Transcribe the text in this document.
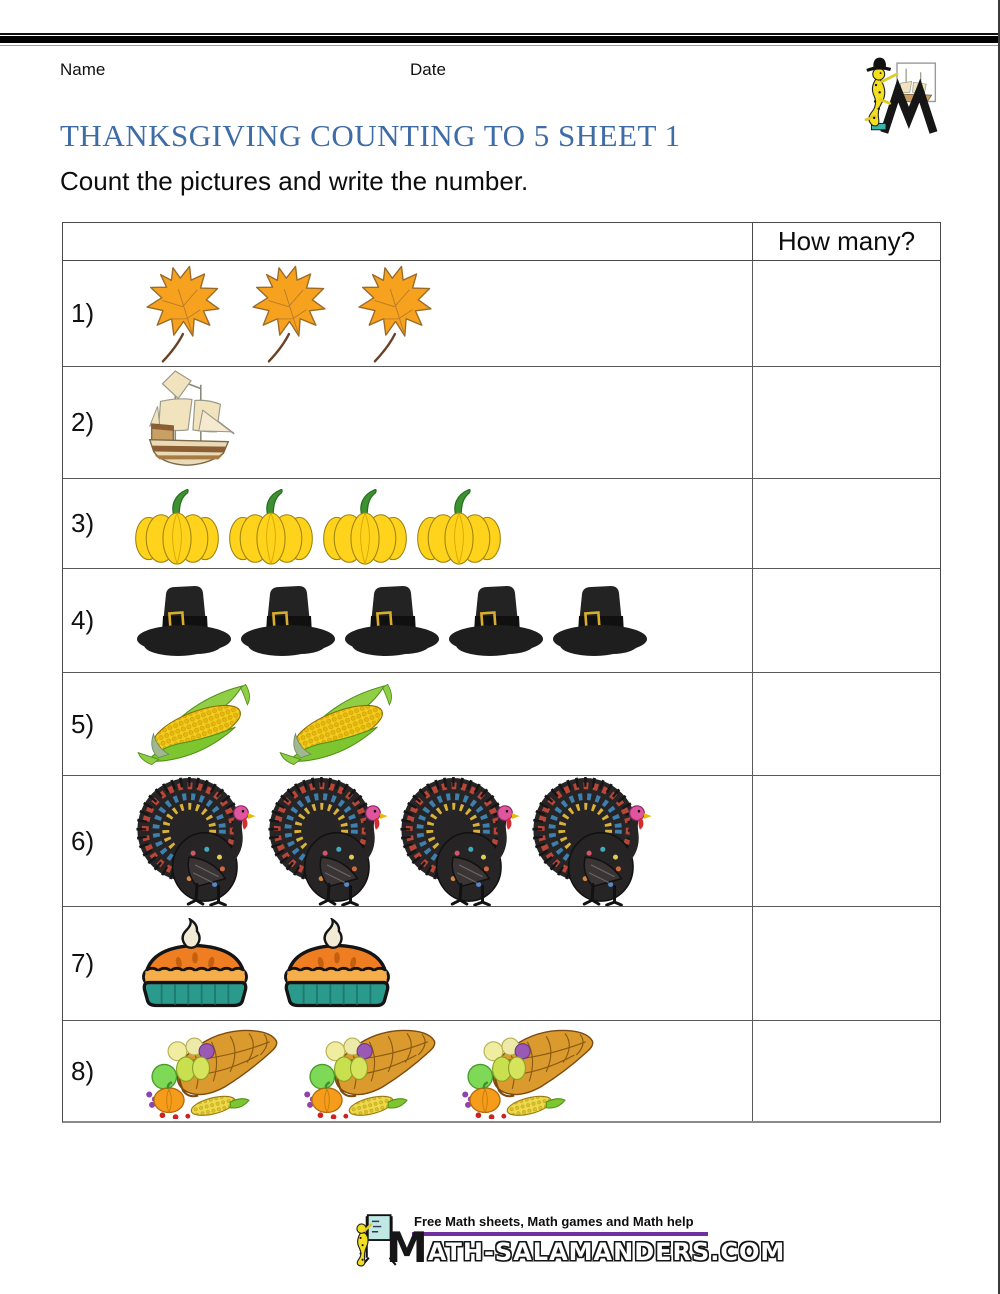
Name	Date
THANKSGIVING COUNTING TO 5 SHEET 1
Count the pictures and write the number.
How many?
1)
2)
3)
4)
5)
6)
7)
8)
Free Math sheets, Math games and Math help
M ATH-SALAMANDERS.COM
